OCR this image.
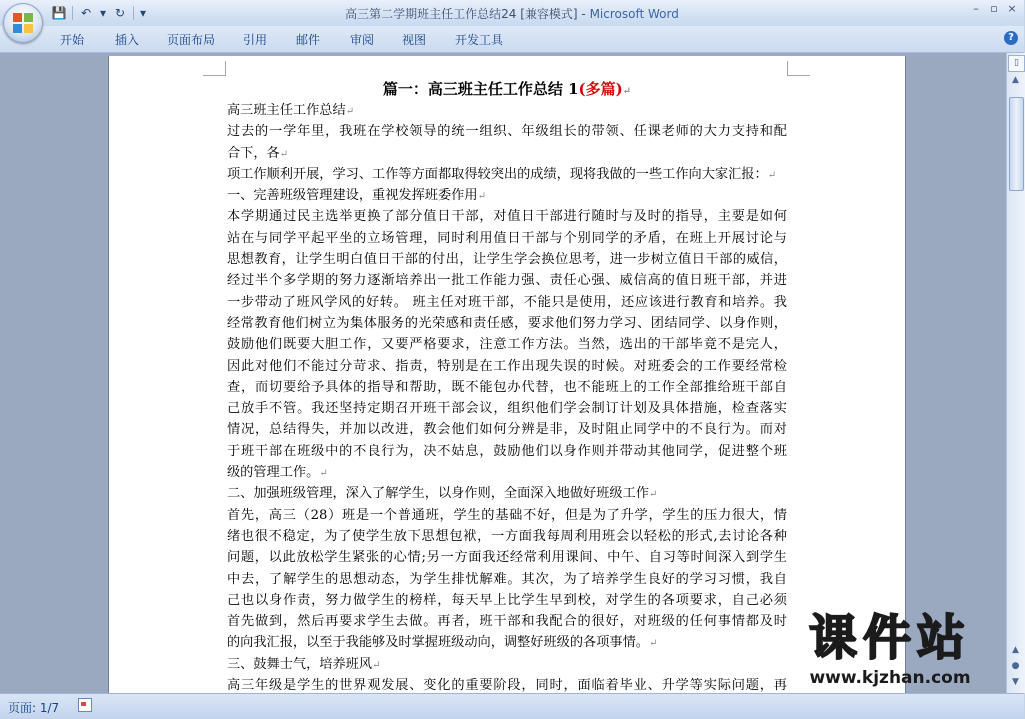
💾	↶ ▾ ↻	▾	高三第二学期班主任工作总结24 [兼容模式] - Microsoft Word	–	▫ ×
开始	插入 页面布局 引用 邮件 审阅 视图 开发工具	?
篇一：高三班主任工作总结 1(多篇)↵
高三班主任工作总结↵
过去的一学年里，我班在学校领导的统一组织、年级组长的带领、任课老师的大力支持和配
合下，各↵
项工作顺利开展，学习、工作等方面都取得较突出的成绩，现将我做的一些工作向大家汇报：↵
一、完善班级管理建设，重视发挥班委作用↵
本学期通过民主选举更换了部分值日干部，对值日干部进行随时与及时的指导，主要是如何
站在与同学平起平坐的立场管理，同时利用值日干部与个别同学的矛盾，在班上开展讨论与
思想教育，让学生明白值日干部的付出，让学生学会换位思考，进一步树立值日干部的威信，
经过半个多学期的努力逐渐培养出一批工作能力强、责任心强、威信高的值日班干部，并进
一步带动了班风学风的好转。 班主任对班干部，不能只是使用，还应该进行教育和培养。我
经常教育他们树立为集体服务的光荣感和责任感，要求他们努力学习、团结同学、以身作则，
鼓励他们既要大胆工作，又要严格要求，注意工作方法。当然，选出的干部毕竟不是完人，
因此对他们不能过分苛求、指责，特别是在工作出现失误的时候。对班委会的工作要经常检
查，而切要给予具体的指导和帮助，既不能包办代替，也不能班上的工作全部推给班干部自
己放手不管。我还坚持定期召开班干部会议，组织他们学会制订计划及具体措施，检查落实
情况，总结得失，并加以改进，教会他们如何分辨是非，及时阻止同学中的不良行为。而对
于班干部在班级中的不良行为，决不姑息，鼓励他们以身作则并带动其他同学，促进整个班
级的管理工作。↵
二、加强班级管理，深入了解学生，以身作则，全面深入地做好班级工作↵
首先，高三（28）班是一个普通班，学生的基础不好，但是为了升学，学生的压力很大，情
绪也很不稳定，为了使学生放下思想包袱，一方面我每周利用班会以轻松的形式,去讨论各种
问题，以此放松学生紧张的心情;另一方面我还经常利用课间、中午、自习等时间深入到学生
中去，了解学生的思想动态，为学生排忧解难。其次，为了培养学生良好的学习习惯，我自
己也以身作责，努力做学生的榜样，每天早上比学生早到校，对学生的各项要求，自己必须
首先做到，然后再要求学生去做。再者，班干部和我配合的很好，对班级的任何事情都及时
的向我汇报，以至于我能够及时掌握班级动向，调整好班级的各项事情。↵
三、鼓舞士气，培养班风↵
高三年级是学生的世界观发展、变化的重要阶段，同时，面临着毕业、升学等实际问题，再
▯
▲
▲
●
▼
页面: 1/7
课件站
www.kjzhan.com
